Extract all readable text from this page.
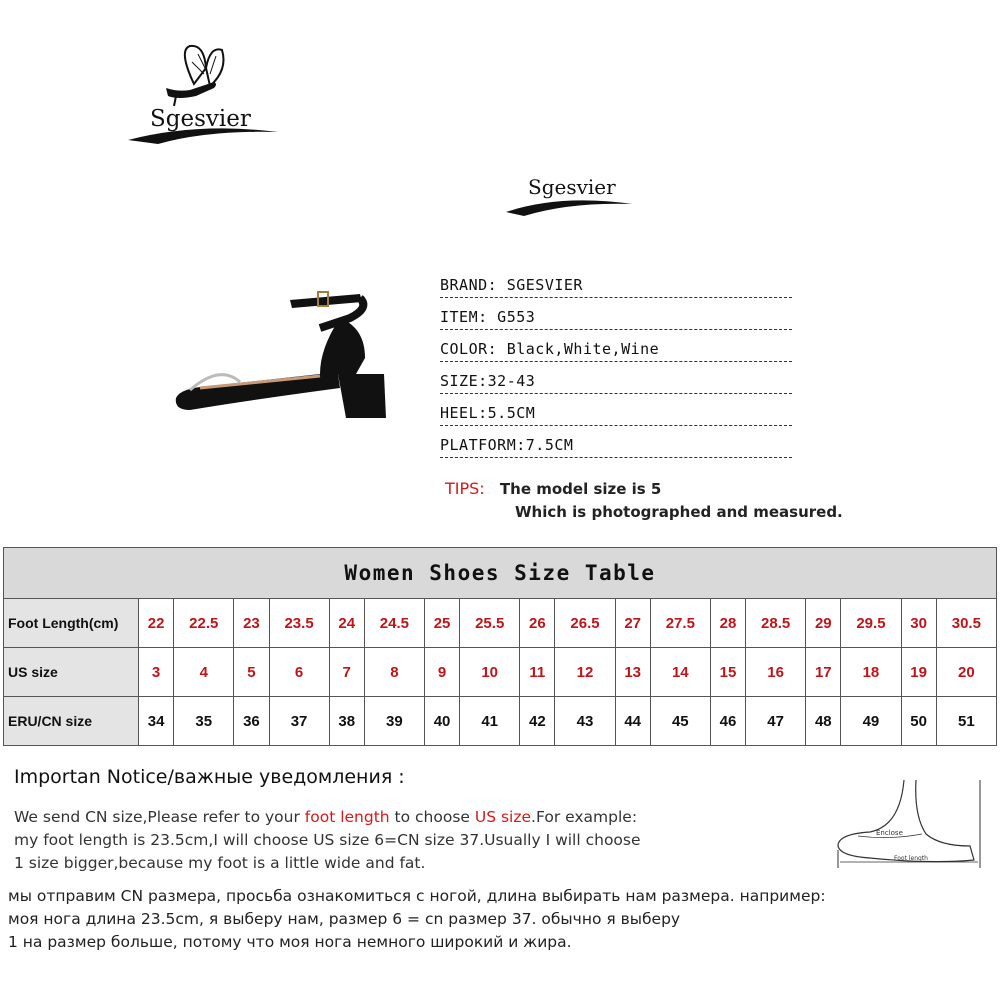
Sgesvier
Sgesvier
BRAND: SGESVIER
ITEM: G553
COLOR: Black,White,Wine
SIZE:32-43
HEEL:5.5CM
PLATFORM:7.5CM
TIPS: The model size is 5
Which is photographed and measured.
Women Shoes Size Table																		
Foot Length(cm)	22	22.5	23	23.5	24	24.5	25	25.5	26	26.5	27	27.5	28	28.5	29	29.5	30	30.5
US size	3	4	5	6	7	8	9	10	11	12	13	14	15	16	17	18	19	20
ERU/CN size	34	35	36	37	38	39	40	41	42	43	44	45	46	47	48	49	50	51
Importan Notice/важные уведомления :
We send CN size,Please refer to your foot length to choose US size.For example:
my foot length is 23.5cm,I will choose US size 6=CN size 37.Usually I will choose
1 size bigger,because my foot is a little wide and fat.
мы отправим CN размера, просьба ознакомиться с ногой, длина выбирать нам размера. например:
моя нога длина 23.5cm, я выберу нам, размер 6 = cn размер 37. обычно я выберу
1 на размер больше, потому что моя нога немного широкий и жира.
Enclose
Foot length
